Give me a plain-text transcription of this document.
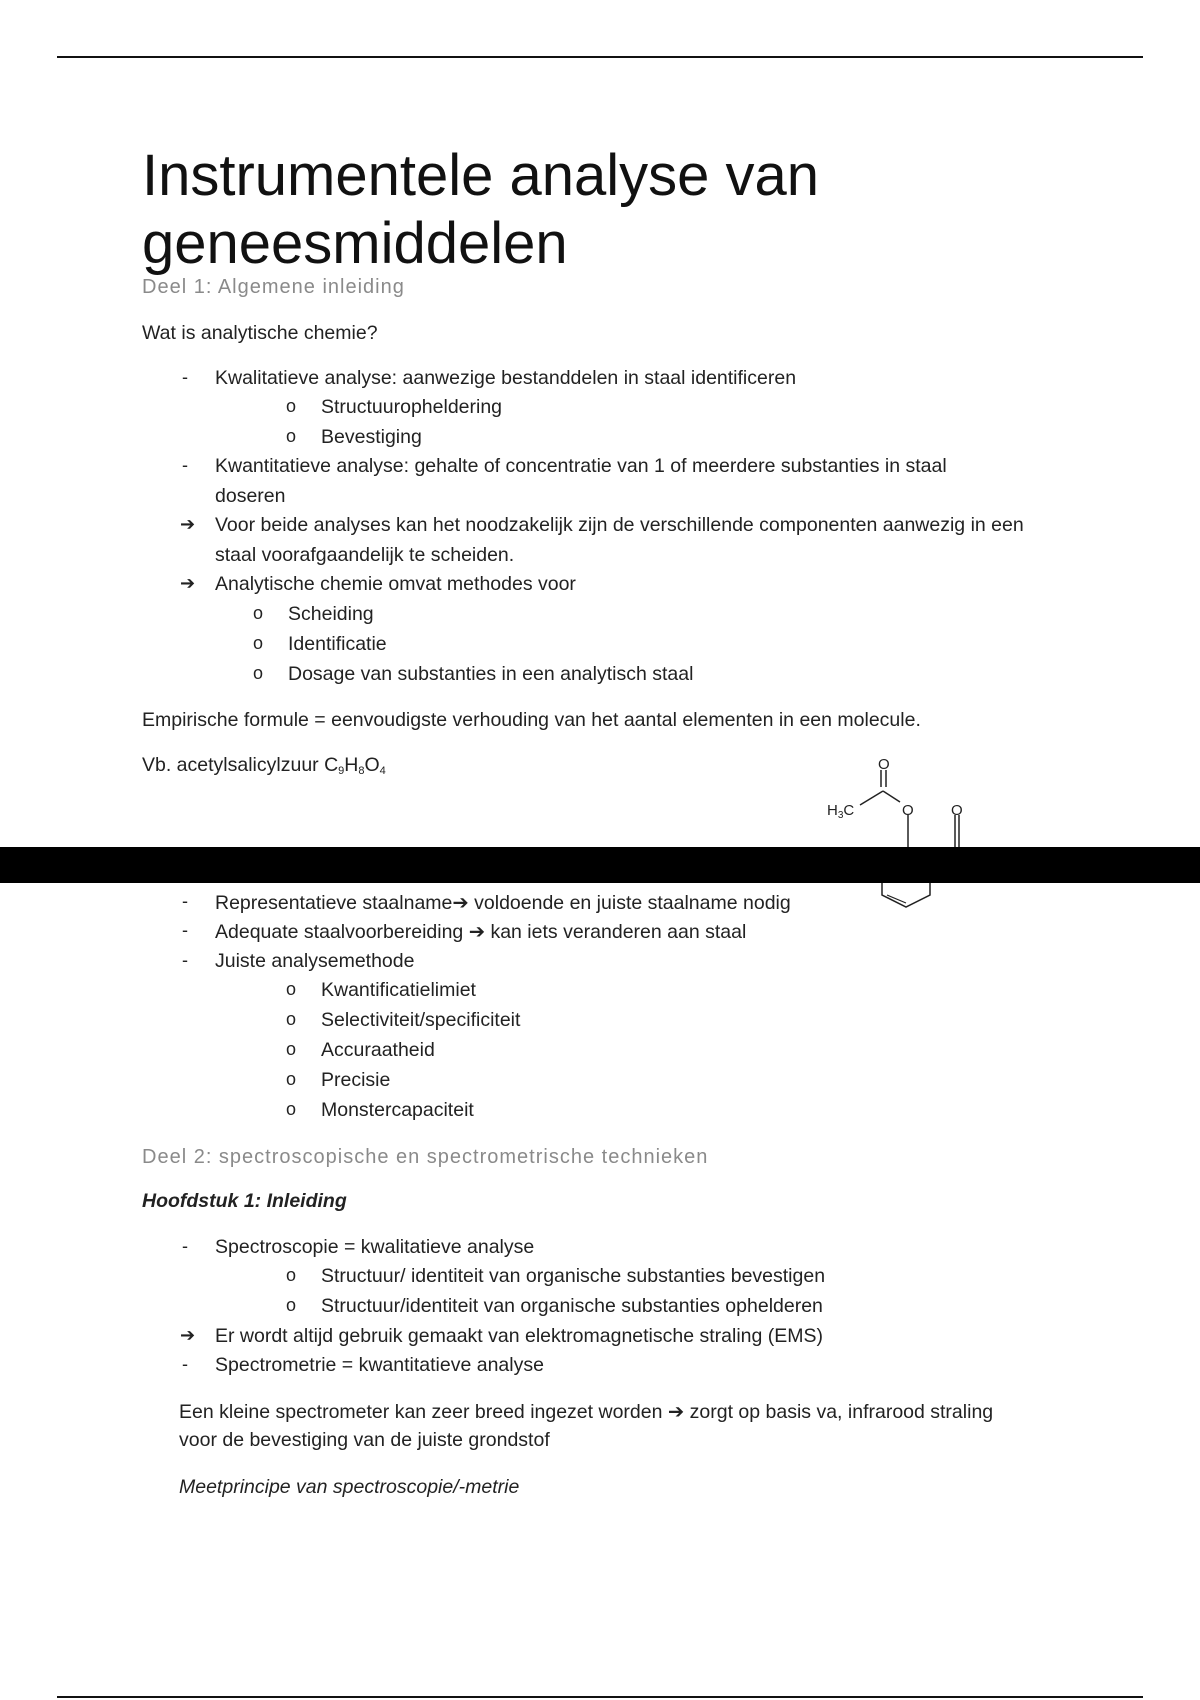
Instrumentele analyse van geneesmiddelen
Deel 1: Algemene inleiding
Wat is analytische chemie?
- Kwalitatieve analyse: aanwezige bestanddelen in staal identificeren
o Structuuropheldering
o Bevestiging
- Kwantitatieve analyse: gehalte of concentratie van 1 of meerdere substanties in staal
doseren
➔ Voor beide analyses kan het noodzakelijk zijn de verschillende componenten aanwezig in een
staal voorafgaandelijk te scheiden.
➔ Analytische chemie omvat methodes voor
o Scheiding
o Identificatie
o Dosage van substanties in een analytisch staal
Empirische formule = eenvoudigste verhouding van het aantal elementen in een molecule.
Vb. acetylsalicylzuur $C_9H_8O_4$	O
O O
$H_3C$
- Representatieve staalname➔ voldoende en juiste staalname nodig
- Adequate staalvoorbereiding ➔ kan iets veranderen aan staal
- Juiste analysemethode
o Kwantificatielimiet
o Selectiviteit/specificiteit
o Accuraatheid
o Precisie
o Monstercapaciteit
Deel 2: spectroscopische en spectrometrische technieken
Hoofdstuk 1: Inleiding
- Spectroscopie = kwalitatieve analyse
o Structuur/ identiteit van organische substanties bevestigen
o Structuur/identiteit van organische substanties ophelderen
➔ Er wordt altijd gebruik gemaakt van elektromagnetische straling (EMS)
- Spectrometrie = kwantitatieve analyse
Een kleine spectrometer kan zeer breed ingezet worden ➔ zorgt op basis va, infrarood straling
voor de bevestiging van de juiste grondstof
Meetprincipe van spectroscopie/-metrie
